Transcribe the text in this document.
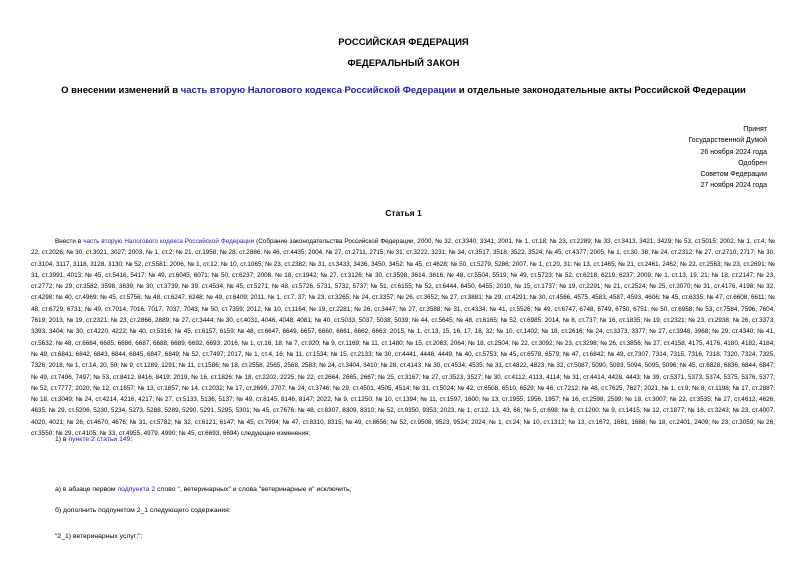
РОССИЙСКАЯ ФЕДЕРАЦИЯ
ФЕДЕРАЛЬНЫЙ ЗАКОН
О внесении изменений в часть вторую Налогового кодекса Российской Федерации и отдельные законодательные акты Российской Федерации
Принят
Государственной Думой
26 ноября 2024 года
Одобрен
Советом Федерации
27 ноября 2024 года
Статья 1
Внести в часть вторую Налогового кодекса Российской Федерации (Собрание законодательства Российской Федерации, 2000, № 32, ст.3340, 3341; 2001, № 1, ст.18; № 23, ст.2289; № 33, ст.3413, 3421, 3429; № 53, ст.5015; 2002, № 1, ст.4; № 22, ст.2026; № 30, ст.3021, 3027; 2003, № 1, ст.2; № 21, ст.1958; № 28, ст.2886; № 46, ст.4435; 2004, № 27, ст.2711, 2715; № 31, ст.3222, 3231; № 34, ст.3517, 3518, 3522, 3524; № 45, ст.4377; 2005, № 1, ст.30, 38; № 24, ст.2312; № 27, ст.2710, 2717; № 30, ст.3104, 3117, 3118, 3128, 3130; № 52, ст.5581; 2006, № 1, ст.12; № 10, ст.1065; № 23, ст.2382; № 31, ст.3433, 3436, 3450, 3452; № 45, ст.4628; № 50, ст.5279, 5286; 2007, № 1, ст.20, 31; № 13, ст.1465; № 21, ст.2461, 2462; № 22, ст.2563; № 23, ст.2691; № 31, ст.3991, 4013; № 45, ст.5416, 5417; № 49, ст.6045, 6071; № 50, ст.6237; 2008, № 18, ст.1942; № 27, ст.3126; № 30, ст.3598, 3614, 3616; № 48, ст.5504, 5519; № 49, ст.5723; № 52, ст.6218, 6219, 6237; 2009, № 1, ст.13, 19, 21; № 18, ст.2147; № 23, ст.2772; № 29, ст.3582, 3598, 3639; № 30, ст.3739; № 39, ст.4534; № 45, ст.5271; № 48, ст.5726, 5731, 5732, 5737; № 51, ст.6155; № 52, ст.6444, 6450, 6455; 2010, № 15, ст.1737; № 19, ст.2291; № 21, ст.2524; № 25, ст.3070; № 31, ст.4176, 4198; № 32, ст.4298; № 40, ст.4969; № 45, ст.5756; № 48, ст.6247, 6248; № 49, ст.6409; 2011, № 1, ст.7, 37; № 23, ст.3265; № 24, ст.3357; № 26, ст.3652; № 27, ст.3881; № 29, ст.4291; № 30, ст.4566, 4575, 4583, 4587, 4593, 4606; № 45, ст.6335; № 47, ст.6608, 6611; № 48, ст.6729, 6731; № 49, ст.7014, 7016, 7017, 7037, 7043; № 50, ст.7359; 2012, № 10, ст.1164; № 19, ст.2281; № 26, ст.3447; № 27, ст.3588; № 31, ст.4334; № 41, ст.5526; № 49, ст.6747, 6748, 6749, 6750, 6751; № 50, ст.6958; № 53, ст.7584, 7596, 7604, 7619; 2013, № 19, ст.2321; № 23, ст.2866, 2889; № 27, ст.3444; № 30, ст.4031, 4046, 4048, 4081; № 40, ст.5033, 5037, 5038, 5039; № 44, ст.5645; № 48, ст.6165; № 52, ст.6985; 2014, № 8, ст.737; № 16, ст.1835; № 19, ст.2321; № 23, ст.2938; № 26, ст.3373, 3393, 3404; № 30, ст.4220, 4222; № 40, ст.5316; № 45, ст.6157, 6159; № 48, ст.6647, 6649, 6657, 6660, 6661, 6662, 6663; 2015, № 1, ст.13, 15, 16, 17, 18, 32; № 10, ст.1402; № 18, ст.2616; № 24, ст.3373, 3377; № 27, ст.3948, 3968; № 29, ст.4340; № 41, ст.5632; № 48, ст.6684, 6685, 6686, 6687, 6688, 6689, 6692, 6693; 2016, № 1, ст.16, 18; № 7, ст.920; № 9, ст.1169; № 11, ст.1480; № 15, ст.2063, 2064; № 18, ст.2504; № 22, ст.3092; № 23, ст.3298; № 26, ст.3856; № 27, ст.4158, 4175, 4176, 4180, 4182, 4184; № 49, ст.6841, 6842, 6843, 6844, 6845, 6847, 6849; № 52, ст.7497; 2017, № 1, ст.4, 16; № 11, ст.1534; № 15, ст.2133; № 30, ст.4441, 4448, 4449; № 40, ст.5753; № 45, ст.6578, 6579; № 47, ст.6842; № 49, ст.7307, 7314, 7315, 7316, 7318, 7320, 7324, 7325, 7326; 2018, № 1, ст.14, 20, 50; № 9, ст.1289, 1291; № 11, ст.1586; № 18, ст.2558, 2565, 2568, 2583; № 24, ст.3404, 3410; № 28, ст.4143; № 30, ст.4534, 4535; № 31, ст.4822, 4823; № 32, ст.5087, 5090, 5093, 5094, 5095, 5096; № 45, ст.6828, 6836, 6844, 6847; № 49, ст.7496, 7497; № 53, ст.8412, 8416, 8419; 2019, № 16, ст.1826; № 18, ст.2202, 2225; № 22, ст.2664, 2665, 2667; № 25, ст.3167; № 27, ст.3523, 3527; № 30, ст.4112, 4113, 4114; № 31, ст.4414, 4428, 4443; № 39, ст.5371, 5373, 5374, 5375, 5376, 5377; № 52, ст.7777; 2020, № 12, ст.1657; № 13, ст.1857; № 14, ст.2032; № 17, ст.2699, 2707; № 24, ст.3746; № 29, ст.4501, 4505, 4514; № 31, ст.5024; № 42, ст.6508, 6510, 6529; № 46, ст.7212; № 48, ст.7625, 7627; 2021, № 1, ст.9; № 8, ст.1198; № 17, ст.2887; № 18, ст.3049; № 24, ст.4214, 4216, 4217; № 27, ст.5133, 5136, 5137; № 49, ст.8145, 8146, 8147; 2022, № 9, ст.1250; № 10, ст.1394; № 11, ст.1597, 1600; № 13, ст.1955, 1956, 1957; № 16, ст.2598, 2599; № 18, ст.3007; № 22, ст.3535; № 27, ст.4612, 4626, 4635; № 29, ст.5206, 5230, 5234, 5273, 5288, 5289, 5290, 5291, 5295, 5301; № 45, ст.7676; № 48, ст.8307, 8309, 8310; № 52, ст.9350, 9353; 2023, № 1, ст.12, 13, 43, 66; № 5, ст.698; № 8, ст.1200; № 9, ст.1415; № 12, ст.1877; № 18, ст.3243; № 23, ст.4007, 4020, 4021; № 26, ст.4670, 4676; № 31, ст.5782; № 32, ст.6121, 6147; № 45, ст.7994; № 47, ст.8310, 8315; № 49, ст.8656; № 52, ст.9508, 9523, 9524; 2024, № 1, ст.24; № 10, ст.1312; № 13, ст.1672, 1681, 1688; № 18, ст.2401, 2409; № 23, ст.3059; № 26, ст.3550; № 29, ст.4105; № 33, ст.4955, 4979, 4990; № 45, ст.6693, 6694) следующие изменения:
1) в пункте 2 статьи 149:
а) в абзаце первом подпункта 2 слово ", ветеринарных" и слова "ветеринарные и" исключить;
б) дополнить подпунктом 2_1 следующего содержания:
"2_1) ветеринарных услуг;";
